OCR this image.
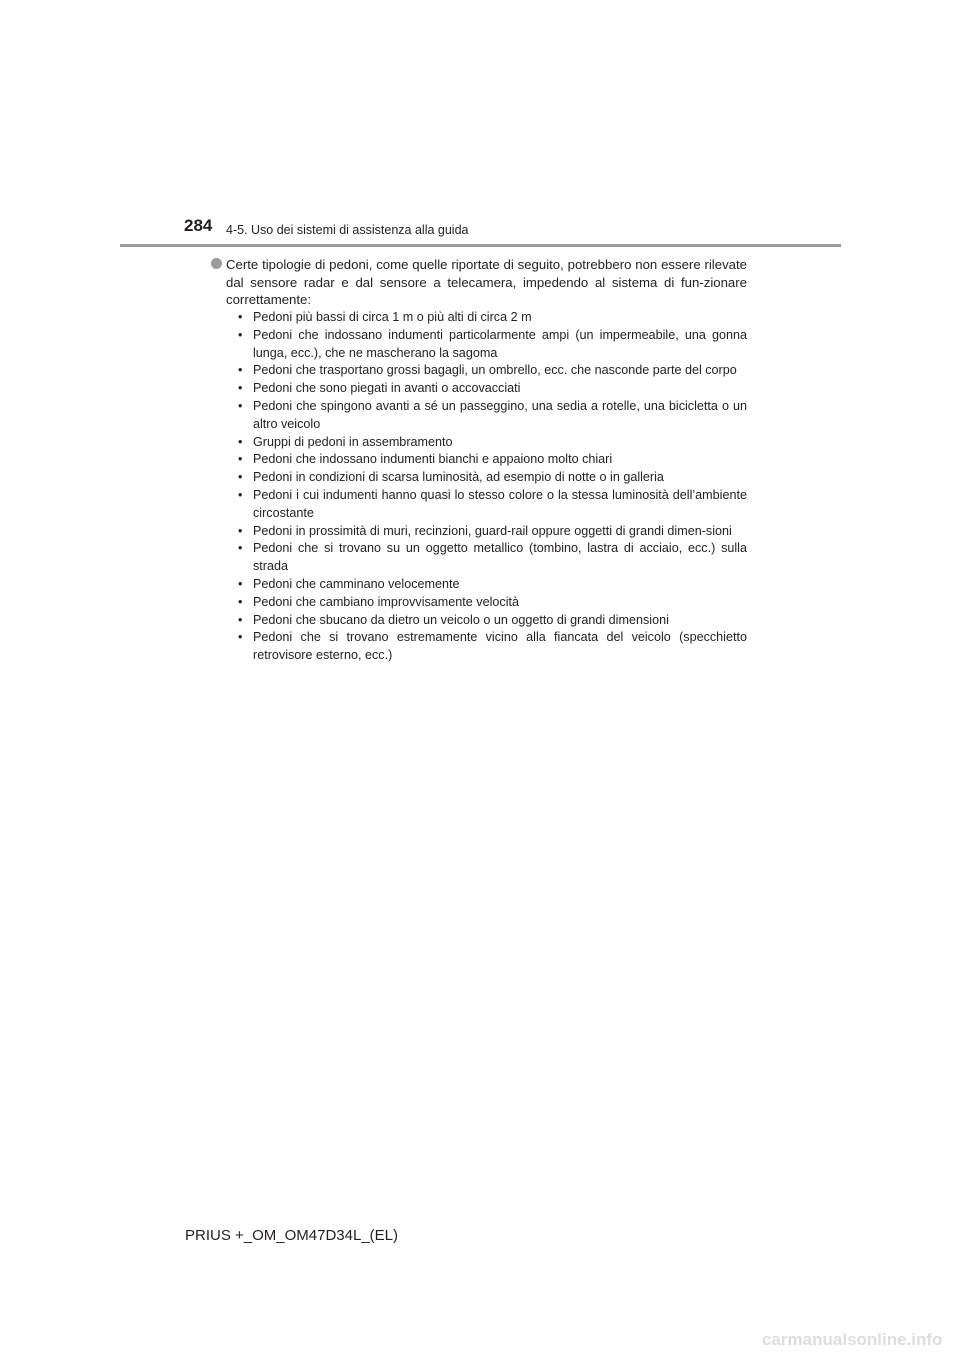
284 4-5. Uso dei sistemi di assistenza alla guida

Certe tipologie di pedoni, come quelle riportate di seguito, potrebbero non essere rilevate dal sensore radar e dal sensore a telecamera, impedendo al sistema di fun-zionare correttamente:

• Pedoni più bassi di circa 1 m o più alti di circa 2 m
• Pedoni che indossano indumenti particolarmente ampi (un impermeabile, una gonna lunga, ecc.), che ne mascherano la sagoma
• Pedoni che trasportano grossi bagagli, un ombrello, ecc. che nasconde parte del corpo
• Pedoni che sono piegati in avanti o accovacciati
• Pedoni che spingono avanti a sé un passeggino, una sedia a rotelle, una bicicletta o un altro veicolo
• Gruppi di pedoni in assembramento
• Pedoni che indossano indumenti bianchi e appaiono molto chiari
• Pedoni in condizioni di scarsa luminosità, ad esempio di notte o in galleria
• Pedoni i cui indumenti hanno quasi lo stesso colore o la stessa luminosità dell’ambiente circostante
• Pedoni in prossimità di muri, recinzioni, guard-rail oppure oggetti di grandi dimen-sioni
• Pedoni che si trovano su un oggetto metallico (tombino, lastra di acciaio, ecc.) sulla strada
• Pedoni che camminano velocemente
• Pedoni che cambiano improvvisamente velocità
• Pedoni che sbucano da dietro un veicolo o un oggetto di grandi dimensioni
• Pedoni che si trovano estremamente vicino alla fiancata del veicolo (specchietto retrovisore esterno, ecc.)
PRIUS +_OM_OM47D34L_(EL)
carmanualsonline.info
